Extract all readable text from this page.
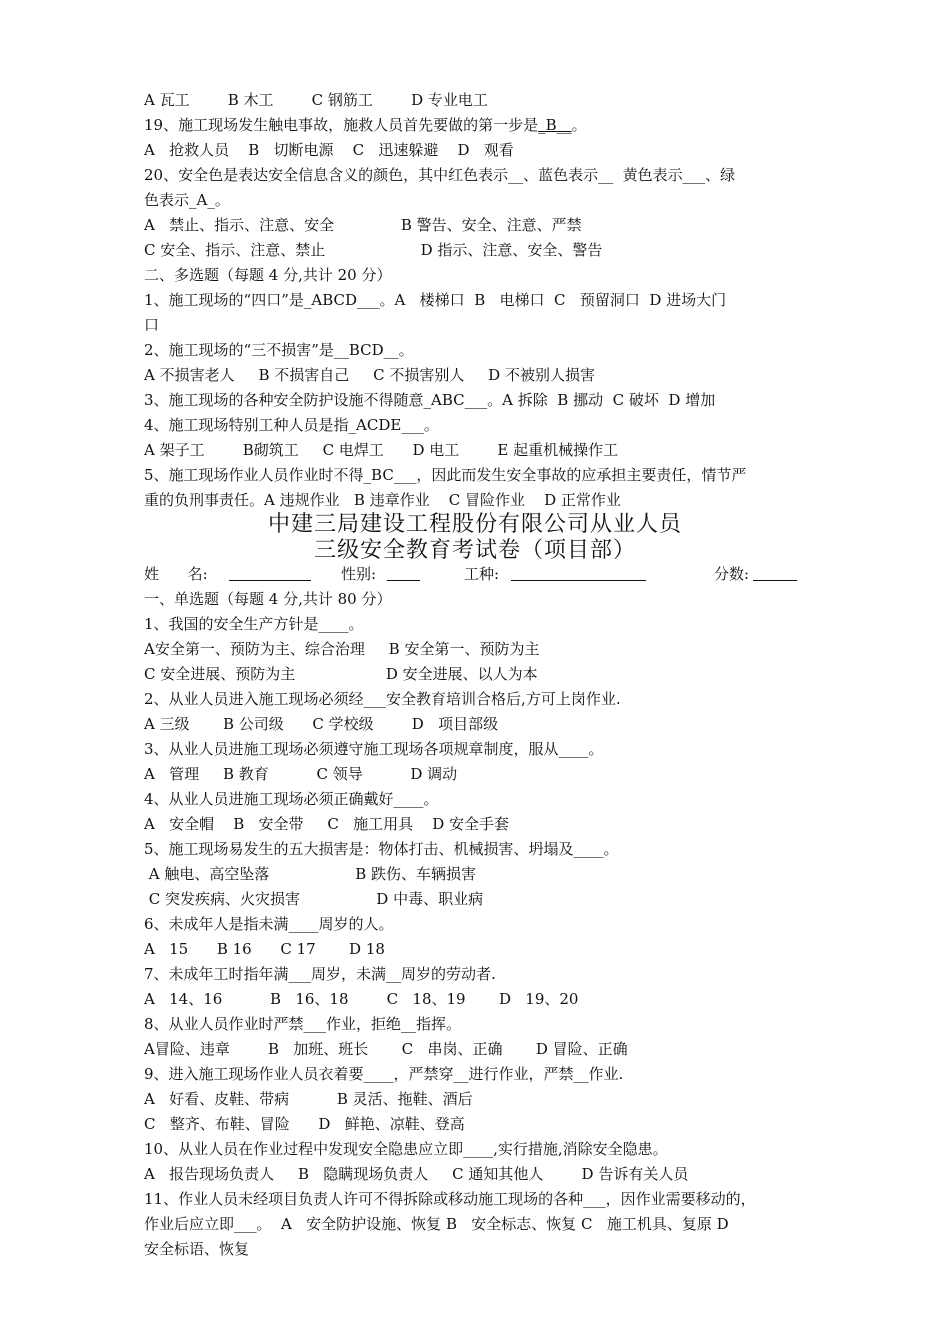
A 瓦工        B 木工        C 钢筋工        D 专业电工
19、施工现场发生触电事故，施救人员首先要做的第一步是_B__。
A   抢救人员    B   切断电源    C   迅速躲避    D   观看
20、安全色是表达安全信息含义的颜色，其中红色表示__、蓝色表示__  黄色表示___、绿
色表示_A_。
A   禁止、指示、注意、安全              B 警告、安全、注意、严禁
C 安全、指示、注意、禁止                    D 指示、注意、安全、警告
二、多选题（每题 4 分,共计 20 分）
1、施工现场的“四口”是_ABCD___。A   楼梯口  B   电梯口  C   预留洞口  D 进场大门
口
2、施工现场的“三不损害”是__BCD__。
A 不损害老人     B 不损害自己     C 不损害别人     D 不被别人损害
3、施工现场的各种安全防护设施不得随意_ABC___。A 拆除  B 挪动  C 破坏  D 增加
4、施工现场特别工种人员是指_ACDE___。
A 架子工        B砌筑工     C 电焊工      D 电工        E 起重机械操作工
5、施工现场作业人员作业时不得_BC___，因此而发生安全事故的应承担主要责任，情节严
重的负刑事责任。A 违规作业   B 违章作业    C 冒险作业    D 正常作业
中建三局建设工程股份有限公司从业人员
三级安全教育考试卷（项目部）
姓      名:	性别:	工种:	分数:
一、单选题（每题 4 分,共计 80 分）
1、我国的安全生产方针是____。
A安全第一、预防为主、综合治理     B 安全第一、预防为主
C 安全进展、预防为主                   D 安全进展、以人为本
2、从业人员进入施工现场必须经___安全教育培训合格后,方可上岗作业.
A 三级       B 公司级      C 学校级        D   项目部级
3、从业人员进施工现场必须遵守施工现场各项规章制度，服从____。
A   管理     B 教育          C 领导          D 调动
4、从业人员进施工现场必须正确戴好____。
A   安全帽    B   安全带     C   施工用具    D 安全手套
5、施工现场易发生的五大损害是：物体打击、机械损害、坍塌及____。
A 触电、高空坠落                  B 跌伤、车辆损害
C 突发疾病、火灾损害                D 中毒、职业病
6、未成年人是指未满____周岁的人。
A   15      B 16      C 17       D 18
7、未成年工时指年满___周岁，未满__周岁的劳动者.
A   14、16          B   16、18        C   18、19       D   19、20
8、从业人员作业时严禁___作业，拒绝__指挥。
A冒险、违章        B   加班、班长       C   串岗、正确       D 冒险、正确
9、进入施工现场作业人员衣着要____，严禁穿__进行作业，严禁__作业.
A   好看、皮鞋、带病          B 灵活、拖鞋、酒后
C   整齐、布鞋、冒险      D   鲜艳、凉鞋、登高
10、从业人员在作业过程中发现安全隐患应立即____,实行措施,消除安全隐患。
A   报告现场负责人     B   隐瞒现场负责人     C 通知其他人        D 告诉有关人员
11、作业人员未经项目负责人许可不得拆除或移动施工现场的各种___，因作业需要移动的，
作业后应立即___。  A   安全防护设施、恢复 B   安全标志、恢复 C   施工机具、复原 D
安全标语、恢复
